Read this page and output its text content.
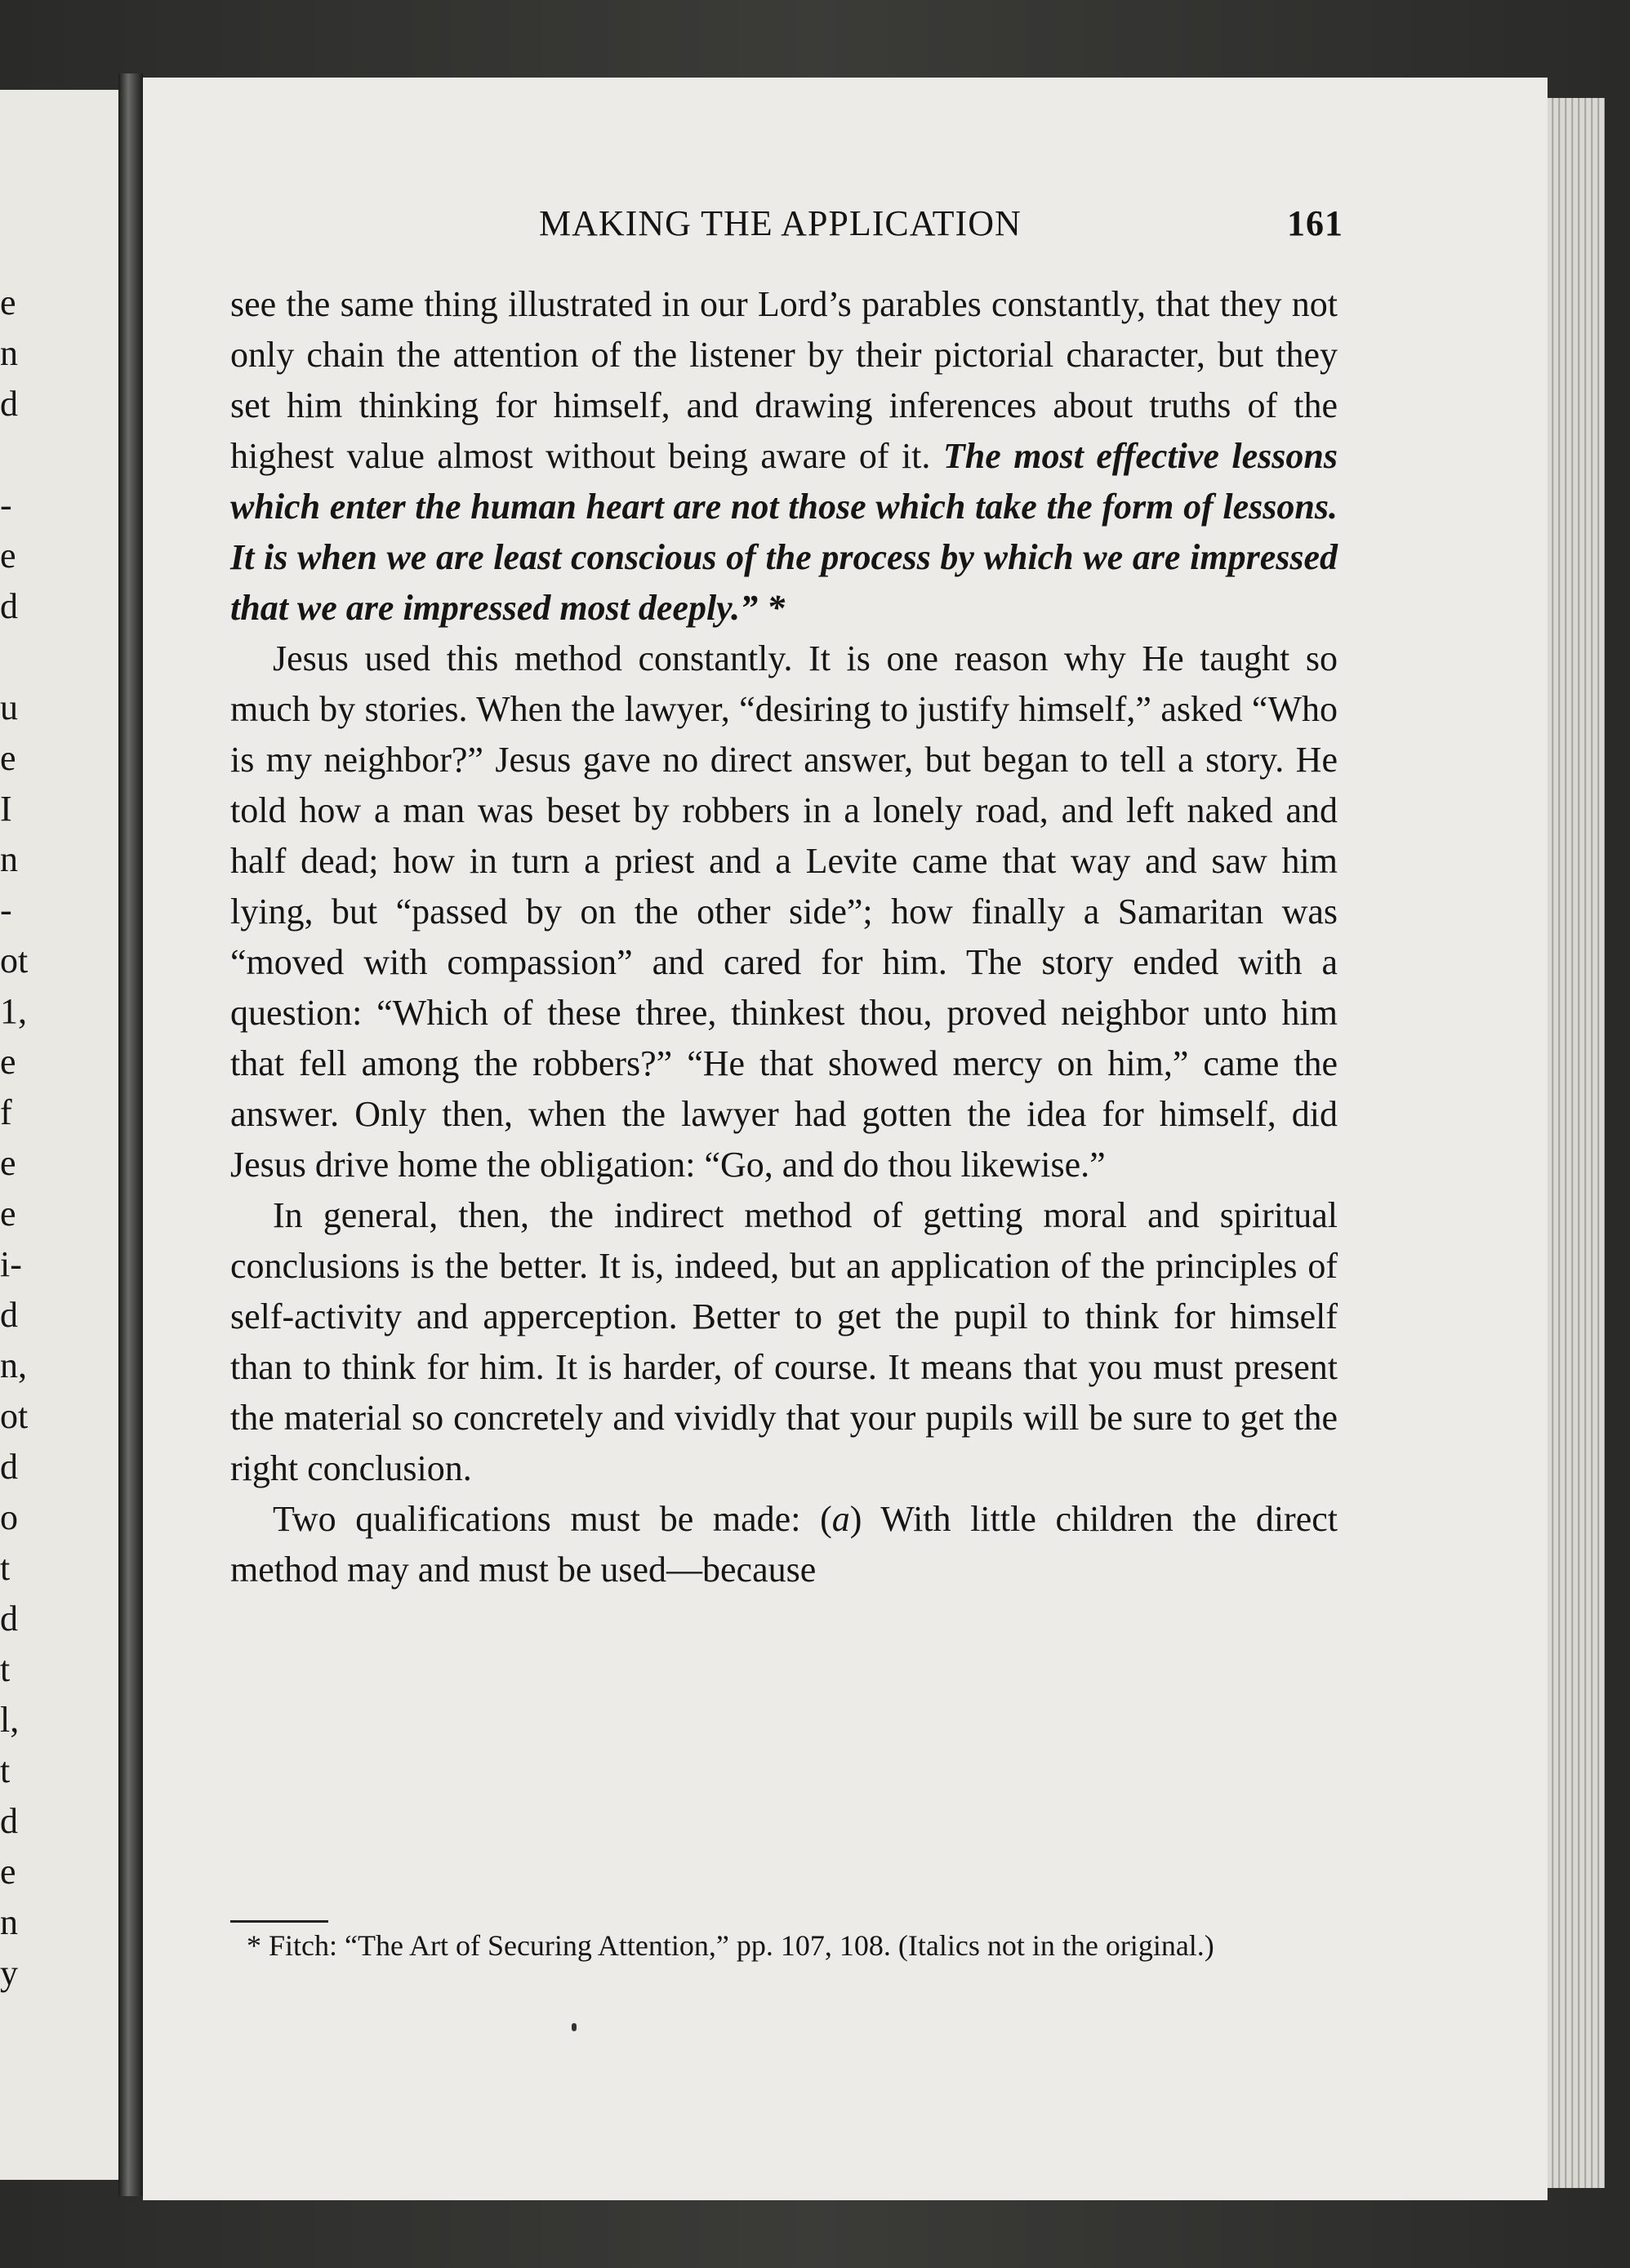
e
n
d
‐
e
d
u
e
I
n
‐
ot
1,
e
f
e
e
i-
d
n,
ot
d
o
t
d
t
l,
t
d
e
n
y
MAKING THE APPLICATION	161

see the same thing illustrated in our Lord’s parables constantly, that they not only chain the attention of the listener by their pictorial character, but they set him thinking for himself, and drawing inferences about truths of the highest value almost without being aware of it. The most effective lessons which enter the human heart are not those which take the form of lessons. It is when we are least conscious of the process by which we are impressed that we are impressed most deeply.” *

Jesus used this method constantly. It is one reason why He taught so much by stories. When the lawyer, “desiring to justify himself,” asked “Who is my neighbor?” Jesus gave no direct answer, but began to tell a story. He told how a man was beset by robbers in a lonely road, and left naked and half dead; how in turn a priest and a Levite came that way and saw him lying, but “passed by on the other side”; how finally a Samaritan was “moved with compassion” and cared for him. The story ended with a question: “Which of these three, thinkest thou, proved neighbor unto him that fell among the robbers?” “He that showed mercy on him,” came the answer. Only then, when the lawyer had gotten the idea for himself, did Jesus drive home the obligation: “Go, and do thou likewise.”

In general, then, the indirect method of getting moral and spiritual conclusions is the better. It is, indeed, but an application of the principles of self-activity and apperception. Better to get the pupil to think for himself than to think for him. It is harder, of course. It means that you must present the material so concretely and vividly that your pupils will be sure to get the right conclusion.

Two qualifications must be made: (a) With little children the direct method may and must be used—because

* Fitch: “The Art of Securing Attention,” pp. 107, 108. (Italics not in the original.)
